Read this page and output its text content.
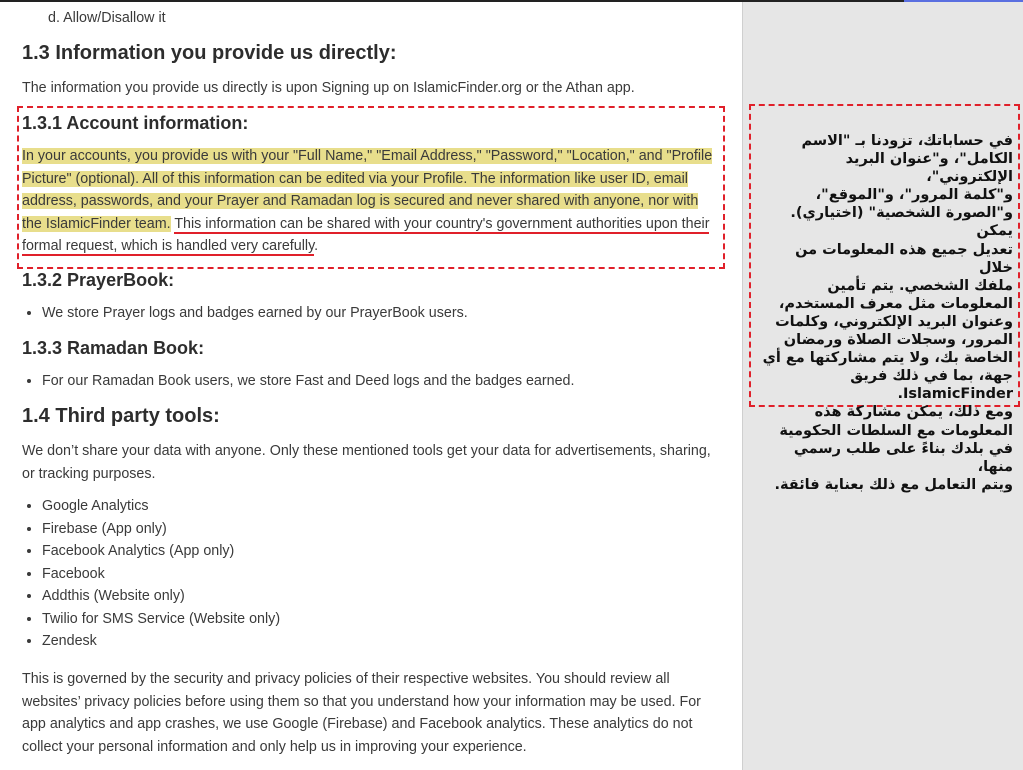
d. Allow/Disallow it

1.3 Information you provide us directly:

The information you provide us directly is upon Signing up on IslamicFinder.org or the Athan app.

1.3.1 Account information:

In your accounts, you provide us with your "Full Name," "Email Address," "Password," "Location," and "Profile Picture" (optional). All of this information can be edited via your Profile. The information like user ID, email address, passwords, and your Prayer and Ramadan log is secured and never shared with anyone, nor with the IslamicFinder team. This information can be shared with your country's government authorities upon their formal request, which is handled very carefully.

1.3.2 PrayerBook:
• We store Prayer logs and badges earned by our PrayerBook users.
1.3.3 Ramadan Book:
• For our Ramadan Book users, we store Fast and Deed logs and the badges earned.
1.4 Third party tools:

We don’t share your data with anyone. Only these mentioned tools get your data for advertisements, sharing, or tracking purposes.

• Google Analytics
• Firebase (App only)
• Facebook Analytics (App only)
• Facebook
• Addthis (Website only)
• Twilio for SMS Service (Website only)
• Zendesk

This is governed by the security and privacy policies of their respective websites. You should review all websites’ privacy policies before using them so that you understand how your information may be used. For app analytics and app crashes, we use Google (Firebase) and Facebook analytics. These analytics do not collect your personal information and only help us in improving your experience.

في حساباتك، تزودنا بـ "الاسم
الكامل"، و"عنوان البريد الإلكتروني"،
و"كلمة المرور"، و"الموقع"،
و"الصورة الشخصية" (اختياري). يمكن
تعديل جميع هذه المعلومات من خلال
ملفك الشخصي. يتم تأمين
المعلومات مثل معرف المستخدم،
وعنوان البريد الإلكتروني، وكلمات
المرور، وسجلات الصلاة ورمضان
الخاصة بك، ولا يتم مشاركتها مع أي
جهة، بما في ذلك فريق IslamicFinder.
ومع ذلك، يمكن مشاركة هذه
المعلومات مع السلطات الحكومية
في بلدك بناءً على طلب رسمي منها،
ويتم التعامل مع ذلك بعناية فائقة.
